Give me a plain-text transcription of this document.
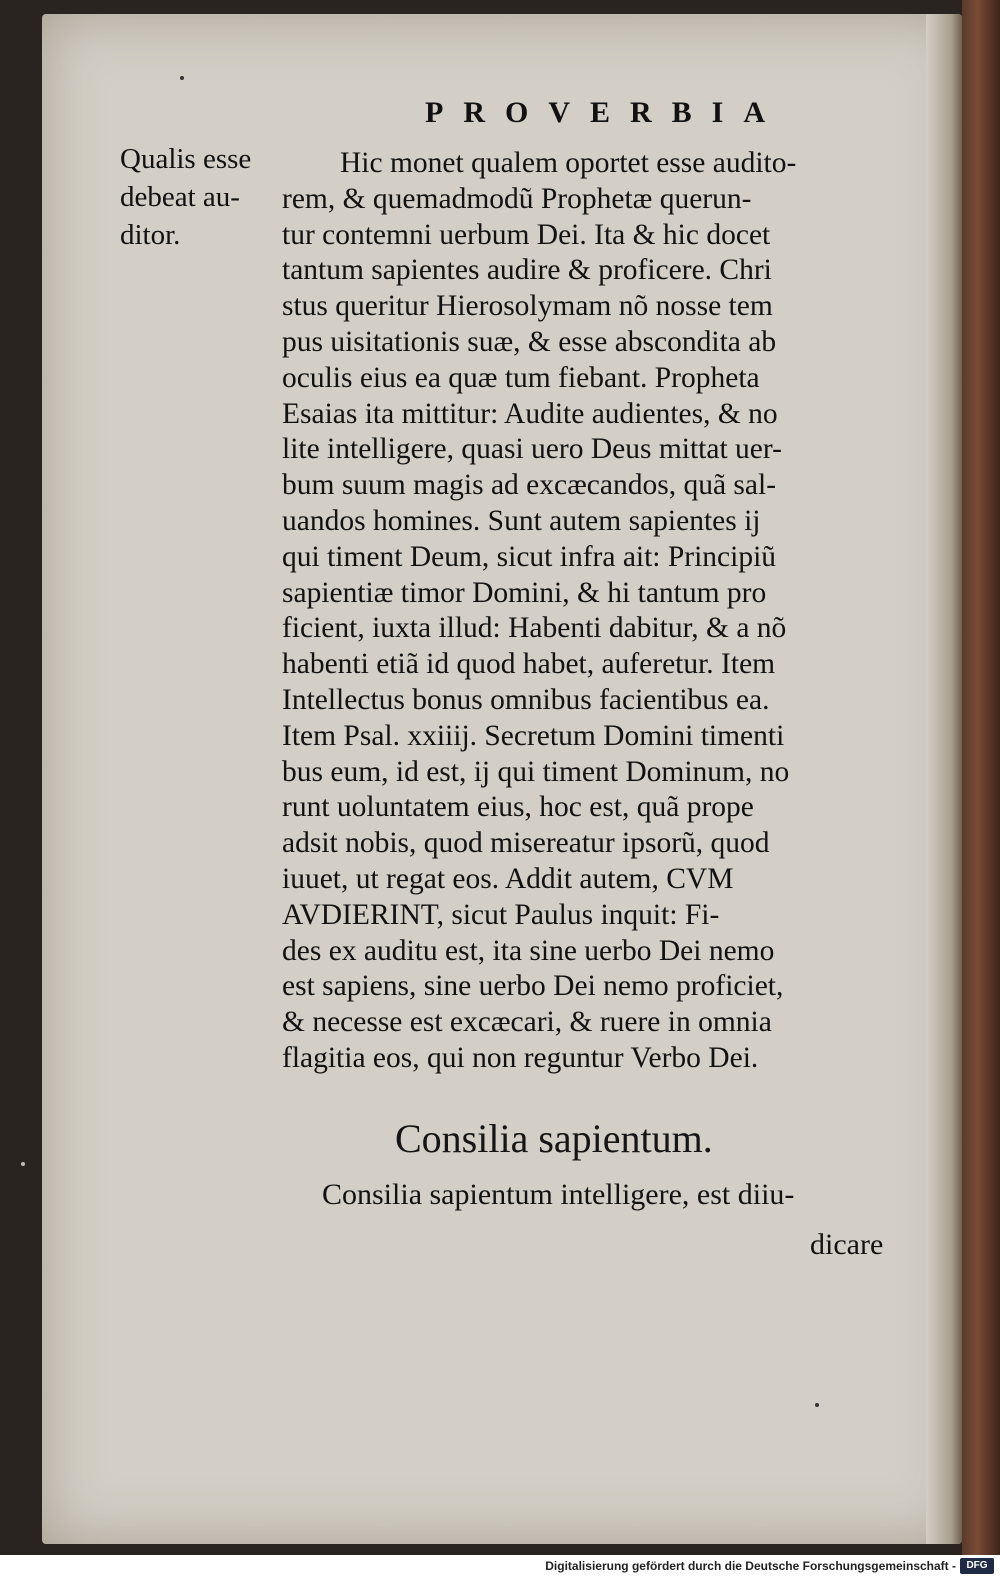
PROVERBIA
Qualis esse
debeat au-
ditor.
Hic monet qualem oportet esse audito-
rem, & quemadmodũ Prophetæ querun-
tur contemni uerbum Dei. Ita & hic docet
tantum sapientes audire & proficere. Chri
stus queritur Hierosolymam nõ nosse tem
pus uisitationis suæ, & esse abscondita ab
oculis eius ea quæ tum fiebant. Propheta
Esaias ita mittitur: Audite audientes, & no
lite intelligere, quasi uero Deus mittat uer-
bum suum magis ad excæcandos, quã sal-
uandos homines. Sunt autem sapientes ij
qui timent Deum, sicut infra ait: Principiũ
sapientiæ timor Domini, & hi tantum pro
ficient, iuxta illud: Habenti dabitur, & a nõ
habenti etiã id quod habet, auferetur. Item
Intellectus bonus omnibus facientibus ea.
Item Psal. xxiiij. Secretum Domini timenti
bus eum, id est, ij qui timent Dominum, no
runt uoluntatem eius, hoc est, quã prope
adsit nobis, quod misereatur ipsorũ, quod
iuuet, ut regat eos. Addit autem, CVM
AVDIERINT, sicut Paulus inquit: Fi-
des ex auditu est, ita sine uerbo Dei nemo
est sapiens, sine uerbo Dei nemo proficiet,
& necesse est excæcari, & ruere in omnia
flagitia eos, qui non reguntur Verbo Dei.
Consilia sapientum.
Consilia sapientum intelligere, est diiu-
dicare
Digitalisierung gefördert durch die Deutsche Forschungsgemeinschaft -	DFG
